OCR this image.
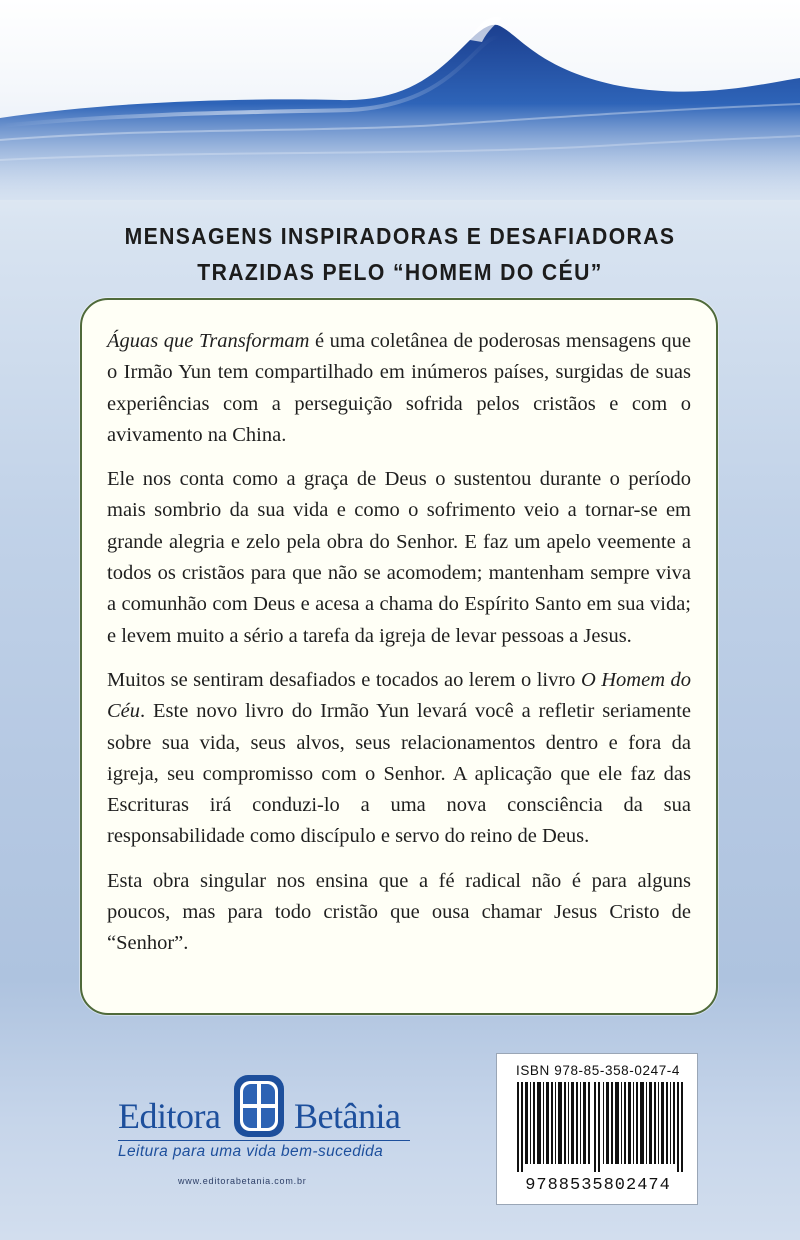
MENSAGENS INSPIRADORAS E DESAFIADORAS
TRAZIDAS PELO “HOMEM DO CÉU”

Águas que Transformam é uma coletânea de poderosas mensagens que o Irmão Yun tem compartilhado em inúmeros países, surgidas de suas experiências com a perseguição sofrida pelos cristãos e com o avivamento na China.

Ele nos conta como a graça de Deus o sustentou durante o período mais sombrio da sua vida e como o sofrimento veio a tornar-se em grande alegria e zelo pela obra do Senhor. E faz um apelo veemente a todos os cristãos para que não se acomodem; mantenham sempre viva a comunhão com Deus e acesa a chama do Espírito Santo em sua vida; e levem muito a sério a tarefa da igreja de levar pessoas a Jesus.

Muitos se sentiram desafiados e tocados ao lerem o livro O Homem do Céu. Este novo livro do Irmão Yun levará você a refletir seriamente sobre sua vida, seus alvos, seus relacionamentos dentro e fora da igreja, seu compromisso com o Senhor. A aplicação que ele faz das Escrituras irá conduzi-lo a uma nova consciência da sua responsabilidade como discípulo e servo do reino de Deus.

Esta obra singular nos ensina que a fé radical não é para alguns poucos, mas para todo cristão que ousa chamar Jesus Cristo de “Senhor”.

Editora Betânia
Leitura para uma vida bem-sucedida
www.editorabetania.com.br
ISBN 978-85-358-0247-4
9788535802474
